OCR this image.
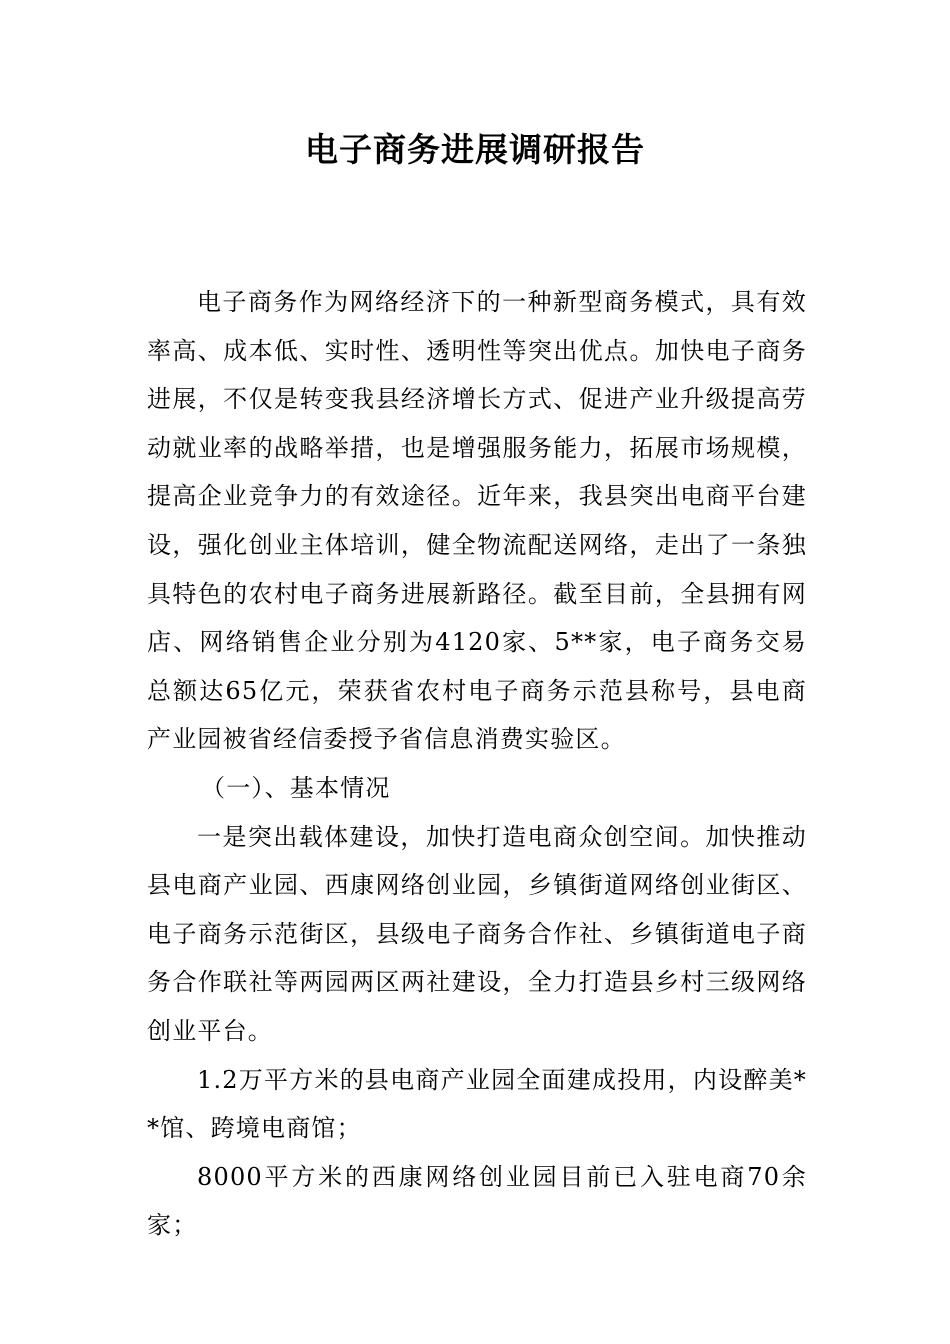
电子商务进展调研报告

电子商务作为网络经济下的一种新型商务模式，具有效率高、成本低、实时性、透明性等突出优点。加快电子商务进展，不仅是转变我县经济增长方式、促进产业升级提高劳动就业率的战略举措，也是增强服务能力，拓展市场规模，提高企业竞争力的有效途径。近年来，我县突出电商平台建设，强化创业主体培训，健全物流配送网络，走出了一条独具特色的农村电子商务进展新路径。截至目前，全县拥有网店、网络销售企业分别为4120家、5**家，电子商务交易总额达65亿元，荣获省农村电子商务示范县称号，县电商产业园被省经信委授予省信息消费实验区。

（一）、基本情况

一是突出载体建设，加快打造电商众创空间。加快推动县电商产业园、西康网络创业园，乡镇街道网络创业街区、电子商务示范街区，县级电子商务合作社、乡镇街道电子商务合作联社等两园两区两社建设，全力打造县乡村三级网络创业平台。

1.2万平方米的县电商产业园全面建成投用，内设醉美**馆、跨境电商馆；

8000平方米的西康网络创业园目前已入驻电商70余家；
